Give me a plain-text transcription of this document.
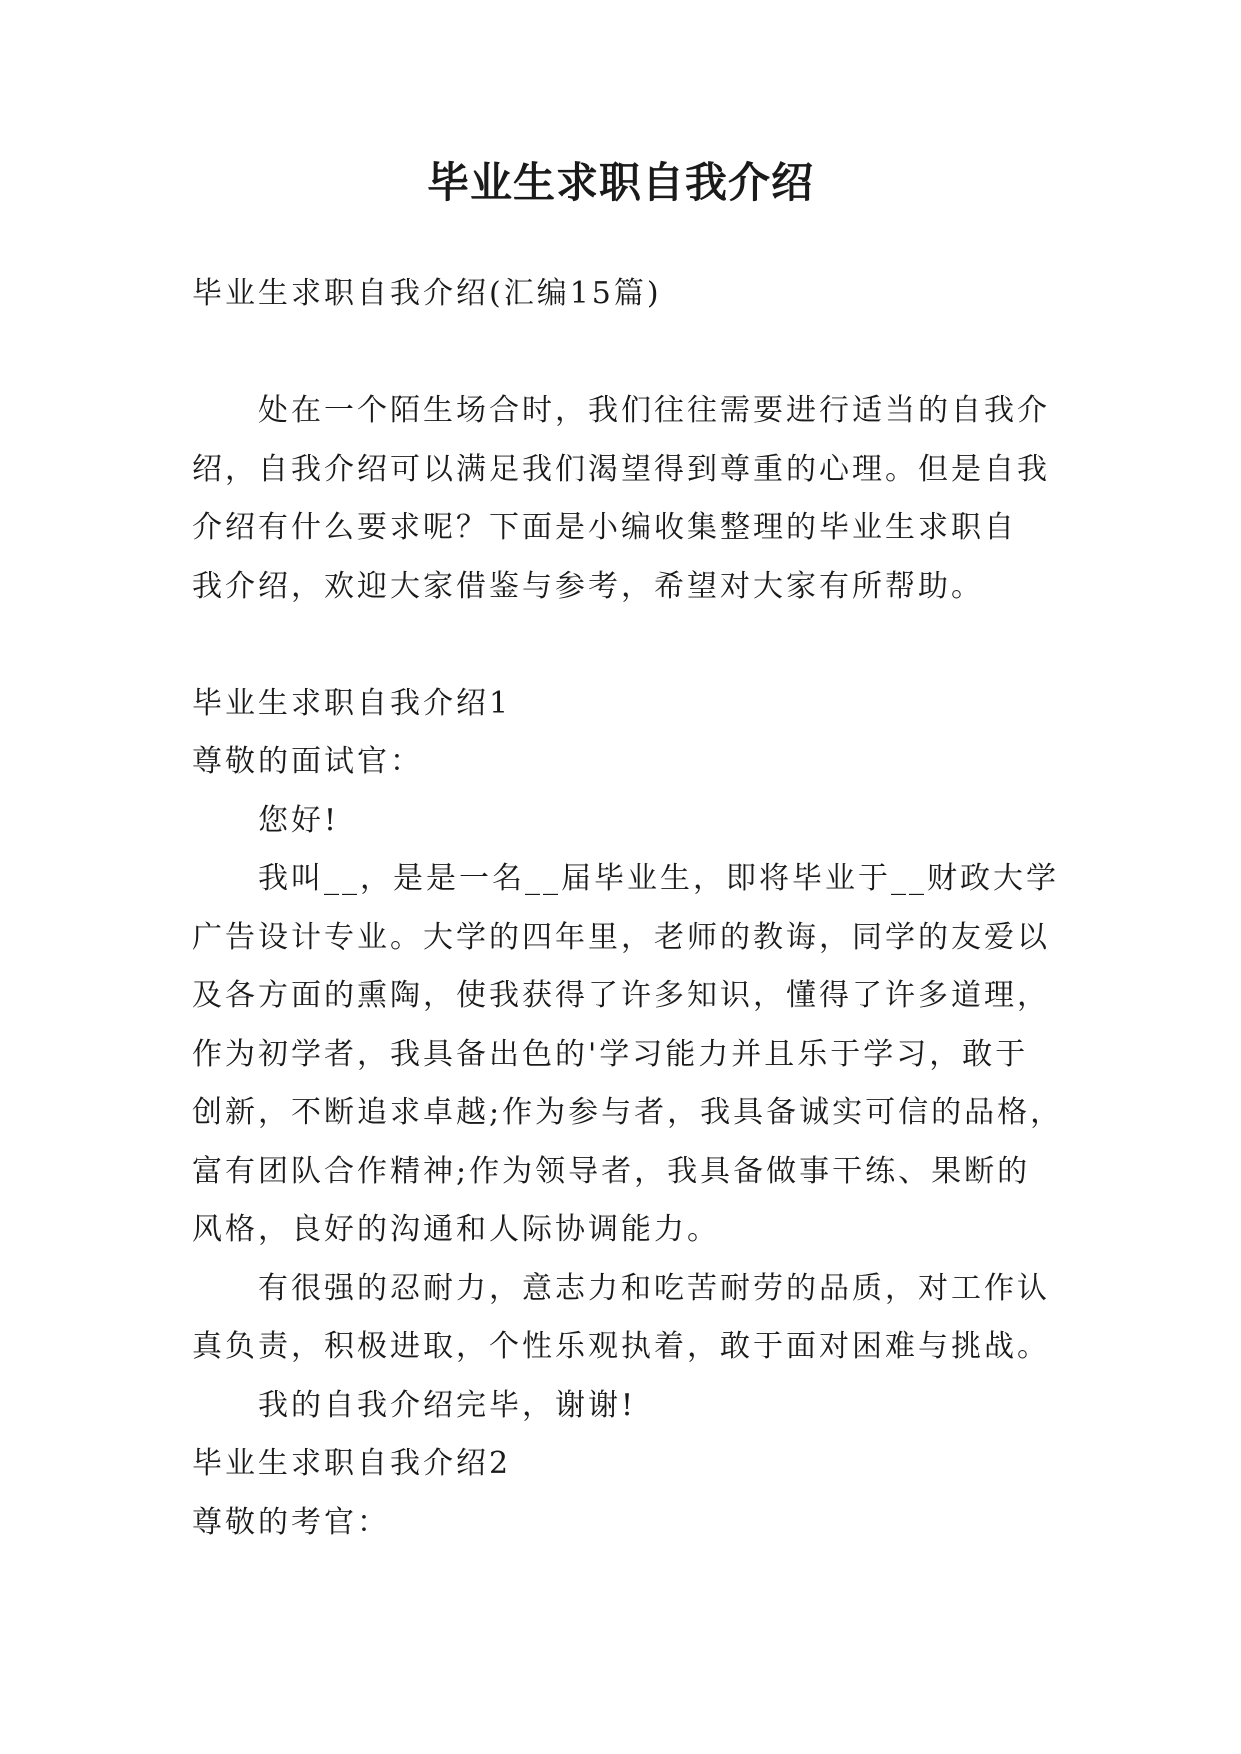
毕业生求职自我介绍
毕业生求职自我介绍(汇编15篇)
处在一个陌生场合时，我们往往需要进行适当的自我介
绍，自我介绍可以满足我们渴望得到尊重的心理。但是自我
介绍有什么要求呢？下面是小编收集整理的毕业生求职自
我介绍，欢迎大家借鉴与参考，希望对大家有所帮助。
毕业生求职自我介绍1
尊敬的面试官：
您好!
我叫__，是是一名__届毕业生，即将毕业于__财政大学
广告设计专业。大学的四年里，老师的教诲，同学的友爱以
及各方面的熏陶，使我获得了许多知识，懂得了许多道理，
作为初学者，我具备出色的'学习能力并且乐于学习，敢于
创新，不断追求卓越;作为参与者，我具备诚实可信的品格，
富有团队合作精神;作为领导者，我具备做事干练、果断的
风格，良好的沟通和人际协调能力。
有很强的忍耐力，意志力和吃苦耐劳的品质，对工作认
真负责，积极进取，个性乐观执着，敢于面对困难与挑战。
我的自我介绍完毕，谢谢!
毕业生求职自我介绍2
尊敬的考官：
